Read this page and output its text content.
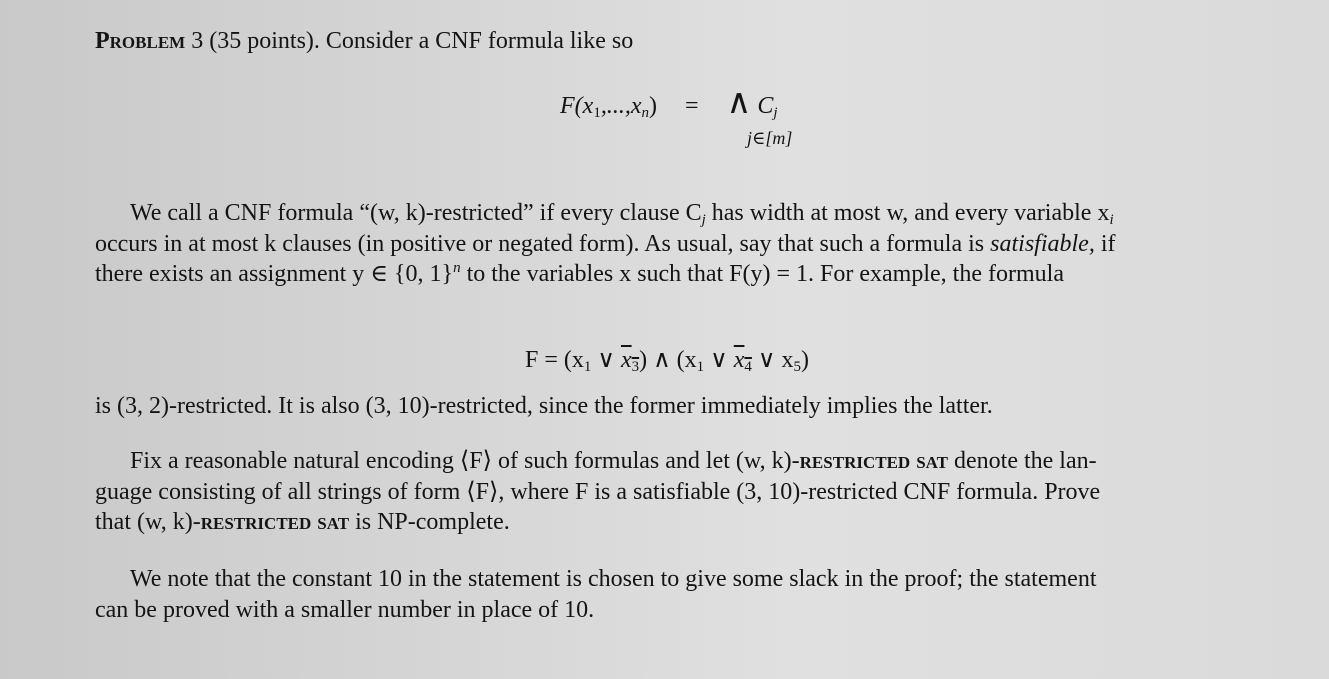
Problem 3 (35 points). Consider a CNF formula like so
$F(x_1,...,x_n)$ = ∧ $C_j$
j∈[m]
We call a CNF formula “(w, k)-restricted” if every clause $C_j$ has width at most w, and every variable $x_i$
occurs in at most k clauses (in positive or negated form). As usual, say that such a formula is satisfiable, if
there exists an assignment y ∈ {0, 1}$^n$ to the variables x such that F(y) = 1. For example, the formula
$F = (x_1$ ∨ $x_3$) ∧ ($x_1$ ∨ $x_4$ ∨ $x_5$)
is (3, 2)-restricted. It is also (3, 10)-restricted, since the former immediately implies the latter.
Fix a reasonable natural encoding ⟨F⟩ of such formulas and let (w, k)-restricted sat denote the lan-
guage consisting of all strings of form ⟨F⟩, where F is a satisfiable (3, 10)-restricted CNF formula. Prove
that (w, k)-restricted sat is NP-complete.
We note that the constant 10 in the statement is chosen to give some slack in the proof; the statement
can be proved with a smaller number in place of 10.
